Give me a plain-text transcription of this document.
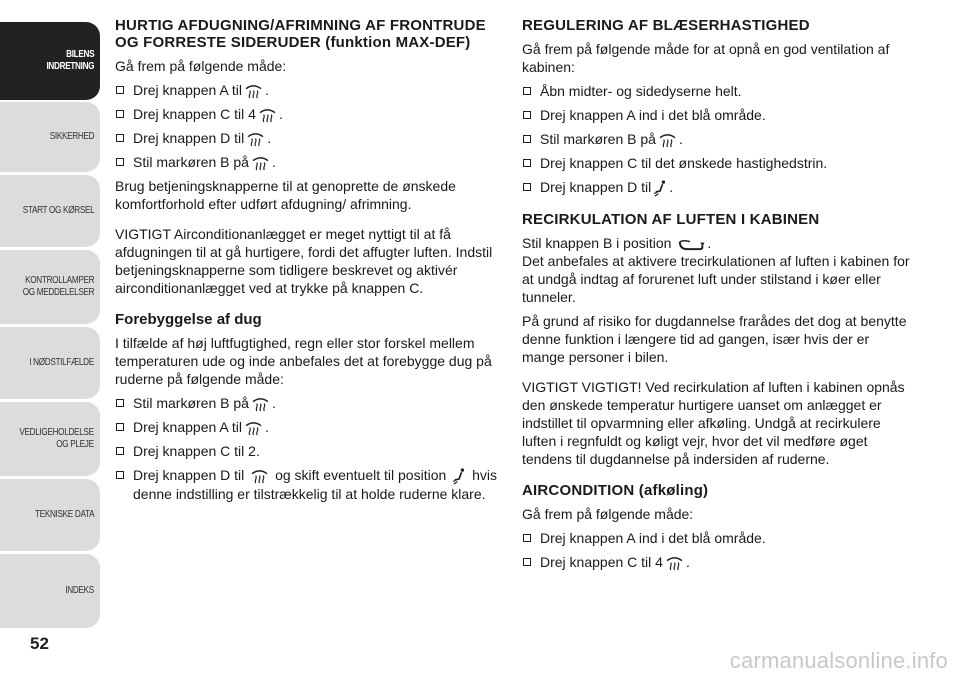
BILENS
INDRETNING
SIKKERHED
START OG KØRSEL
KONTROLLAMPER
OG MEDDELELSER
I NØDSTILFÆLDE
VEDLIGEHOLDELSE
OG PLEJE
TEKNISKE DATA
INDEKS
52
HURTIG AFDUGNING/AFRIMNING AF FRONTRUDE OG FORRESTE SIDERUDER (funktion MAX-DEF)

Gå frem på følgende måde:

Drej knappen A til .
Drej knappen C til 4 .
Drej knappen D til .
Stil markøren B på .

Brug betjeningsknapperne til at genoprette de ønskede komfortforhold efter udført afdugning/ afrimning.

VIGTIGT Airconditionanlægget er meget nyttigt til at få afdugningen til at gå hurtigere, fordi det affugter luften. Indstil betjeningsknapperne som tidligere beskrevet og aktivér airconditionanlægget ved at trykke på knappen C.

Forebyggelse af dug

I tilfælde af høj luftfugtighed, regn eller stor forskel mellem temperaturen ude og inde anbefales det at forebygge dug på ruderne på følgende måde:

Stil markøren B på .
Drej knappen A til .
Drej knappen C til 2.
Drej knappen D til og skift eventuelt til position hvis denne indstilling er tilstrækkelig til at holde ruderne klare.
REGULERING AF BLÆSERHASTIGHED

Gå frem på følgende måde for at opnå en god ventilation af kabinen:

Åbn midter- og sidedyserne helt.
Drej knappen A ind i det blå område.
Stil markøren B på .
Drej knappen C til det ønskede hastighedstrin.
Drej knappen D til .
RECIRKULATION AF LUFTEN I KABINEN

Stil knappen B i position	.

Det anbefales at aktivere trecirkulationen af luften i kabinen for at undgå indtag af forurenet luft under stilstand i køer eller tunneler.

På grund af risiko for dugdannelse frarådes det dog at benytte denne funktion i længere tid ad gangen, især hvis der er mange personer i bilen.

VIGTIGT VIGTIGT! Ved recirkulation af luften i kabinen opnås den ønskede temperatur hurtigere uanset om anlægget er indstillet til opvarmning eller afkøling. Undgå at recirkulere luften i regnfuldt og køligt vejr, hvor det vil medføre øget tendens til dugdannelse på indersiden af ruderne.

AIRCONDITION (afkøling)

Gå frem på følgende måde:

Drej knappen A ind i det blå område.
Drej knappen C til 4 .
carmanualsonline.info
